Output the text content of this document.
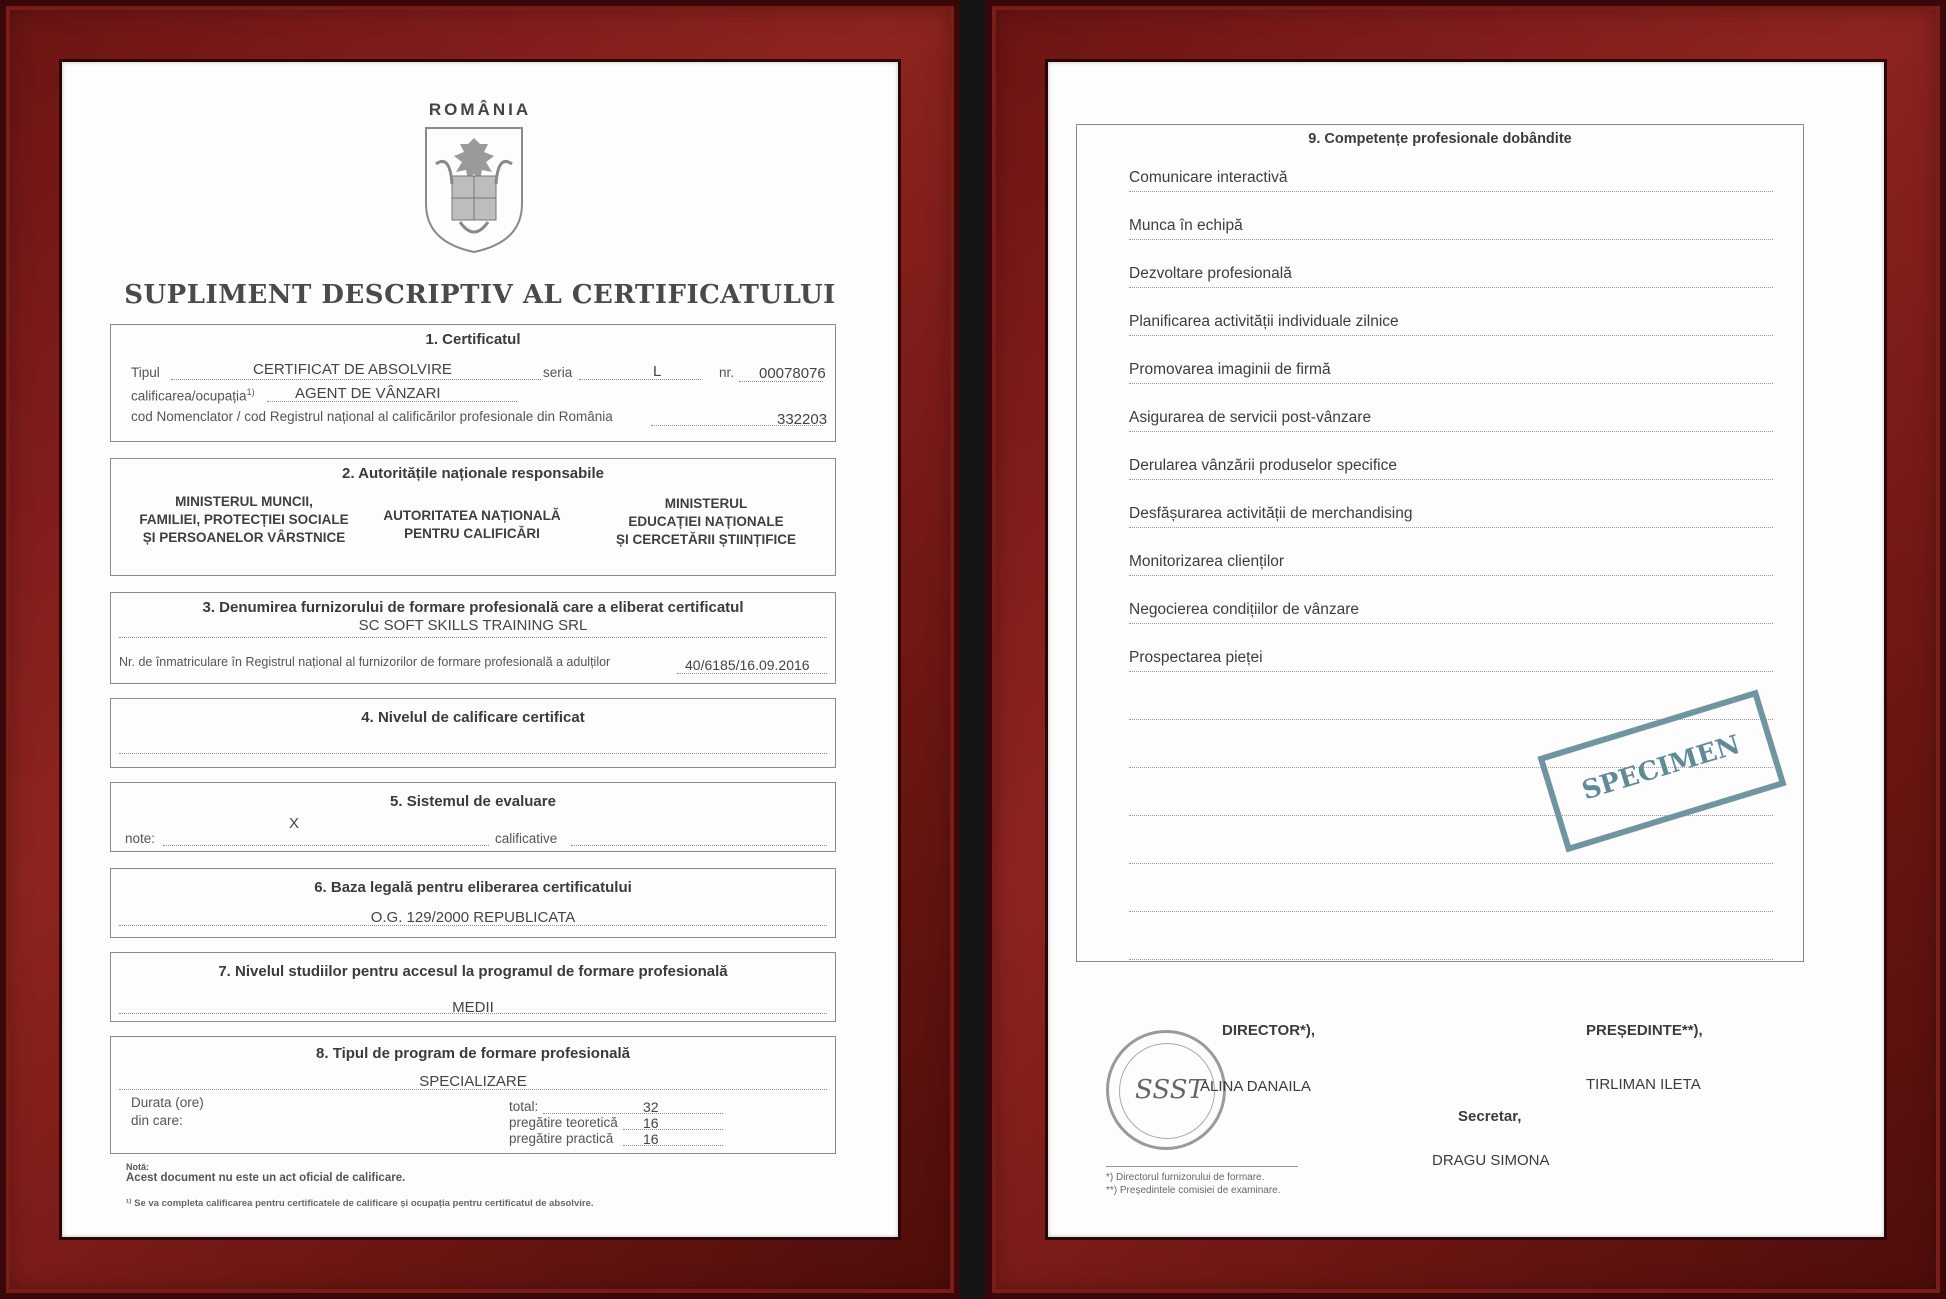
ROMÂNIA
SUPLIMENT DESCRIPTIV AL CERTIFICATULUI
1. Certificatul
Tipul	CERTIFICAT DE ABSOLVIRE	seria	L	nr. 00078076
calificarea/ocupația$^{1)}$	AGENT DE VÂNZARI
cod Nomenclator / cod Registrul național al calificărilor profesionale din România	332203
2. Autoritățile naționale responsabile
MINISTERUL MUNCII,
FAMILIEI, PROTECȚIEI SOCIALE
ȘI PERSOANELOR VÂRSTNICE
AUTORITATEA NAȚIONALĂ
PENTRU CALIFICĂRI
MINISTERUL
EDUCAȚIEI NAȚIONALE
ȘI CERCETĂRII ȘTIINȚIFICE
3. Denumirea furnizorului de formare profesională care a eliberat certificatul
SC SOFT SKILLS TRAINING SRL
Nr. de înmatriculare în Registrul național al furnizorilor de formare profesională a adulților	40/6185/16.09.2016
4. Nivelul de calificare certificat
5. Sistemul de evaluare
X
note:	calificative
6. Baza legală pentru eliberarea certificatului
O.G. 129/2000 REPUBLICATA
7. Nivelul studiilor pentru accesul la programul de formare profesională
MEDII
8. Tipul de program de formare profesională
SPECIALIZARE
Durata (ore)
din care:
total:	32
pregătire teoretică 16
pregătire practică 16
Notă:
Acest document nu este un act oficial de calificare.
¹⁾ Se va completa calificarea pentru certificatele de calificare și ocupația pentru certificatul de absolvire.
9. Competențe profesionale dobândite
Comunicare interactivă
Munca în echipă
Dezvoltare profesională
Planificarea activității individuale zilnice
Promovarea imaginii de firmă
Asigurarea de servicii post-vânzare
Derularea vânzării produselor specifice
Desfășurarea activității de merchandising
Monitorizarea clienților
Negocierea condițiilor de vânzare
Prospectarea pieței
SPECIMEN
DIRECTOR*),	PREȘEDINTE**),
SSST
ALINA DANAILA	TIRLIMAN ILETA
Secretar,
DRAGU SIMONA
*) Directorul furnizorului de formare.
**) Președintele comisiei de examinare.
